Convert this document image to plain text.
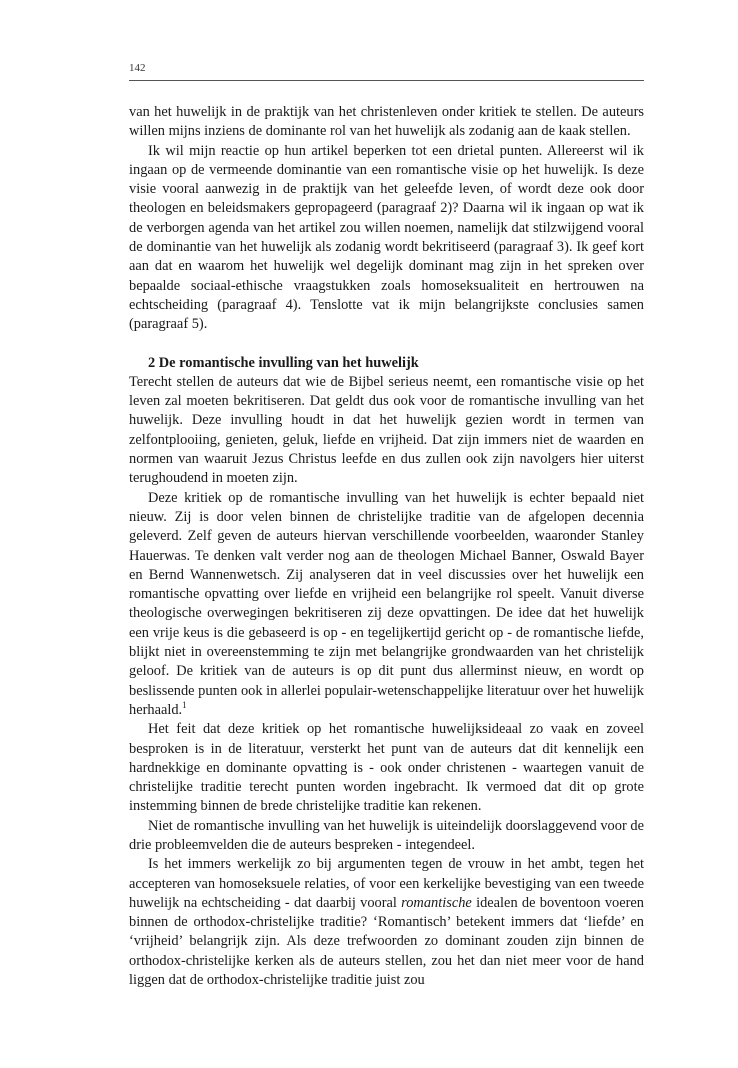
142

van het huwelijk in de praktijk van het christenleven onder kritiek te stellen. De auteurs willen mijns inziens de dominante rol van het huwelijk als zodanig aan de kaak stellen.

Ik wil mijn reactie op hun artikel beperken tot een drietal punten. Allereerst wil ik ingaan op de vermeende dominantie van een romantische visie op het huwelijk. Is deze visie vooral aanwezig in de praktijk van het geleefde leven, of wordt deze ook door theologen en beleidsmakers gepropageerd (paragraaf 2)? Daarna wil ik ingaan op wat ik de verborgen agenda van het artikel zou willen noemen, namelijk dat stilzwijgend vooral de dominantie van het huwelijk als zodanig wordt bekritiseerd (paragraaf 3). Ik geef kort aan dat en waarom het huwelijk wel degelijk dominant mag zijn in het spreken over bepaalde sociaal-ethische vraagstukken zoals homoseksualiteit en hertrouwen na echtscheiding (paragraaf 4). Tenslotte vat ik mijn belangrijkste conclusies samen (paragraaf 5).

2 De romantische invulling van het huwelijk

Terecht stellen de auteurs dat wie de Bijbel serieus neemt, een romantische visie op het leven zal moeten bekritiseren. Dat geldt dus ook voor de romantische invulling van het huwelijk. Deze invulling houdt in dat het huwelijk gezien wordt in termen van zelfontplooiing, genieten, geluk, liefde en vrijheid. Dat zijn immers niet de waarden en normen van waaruit Jezus Christus leefde en dus zullen ook zijn navolgers hier uiterst terughoudend in moeten zijn.

Deze kritiek op de romantische invulling van het huwelijk is echter bepaald niet nieuw. Zij is door velen binnen de christelijke traditie van de afgelopen decennia geleverd. Zelf geven de auteurs hiervan verschillende voorbeelden, waaronder Stanley Hauerwas. Te denken valt verder nog aan de theologen Michael Banner, Oswald Bayer en Bernd Wannenwetsch. Zij analyseren dat in veel discussies over het huwelijk een romantische opvatting over liefde en vrijheid een belangrijke rol speelt. Vanuit diverse theologische overwegingen bekritiseren zij deze opvattingen. De idee dat het huwelijk een vrije keus is die gebaseerd is op - en tegelijkertijd gericht op - de romantische liefde, blijkt niet in overeenstemming te zijn met belangrijke grondwaarden van het christelijk geloof. De kritiek van de auteurs is op dit punt dus allerminst nieuw, en wordt op beslissende punten ook in allerlei populair-wetenschappelijke literatuur over het huwelijk herhaald.$^1$

Het feit dat deze kritiek op het romantische huwelijksideaal zo vaak en zoveel besproken is in de literatuur, versterkt het punt van de auteurs dat dit kennelijk een hardnekkige en dominante opvatting is - ook onder christenen - waartegen vanuit de christelijke traditie terecht punten worden ingebracht. Ik vermoed dat dit op grote instemming binnen de brede christelijke traditie kan rekenen.

Niet de romantische invulling van het huwelijk is uiteindelijk doorslaggevend voor de drie probleemvelden die de auteurs bespreken - integendeel.

Is het immers werkelijk zo bij argumenten tegen de vrouw in het ambt, tegen het accepteren van homoseksuele relaties, of voor een kerkelijke bevestiging van een tweede huwelijk na echtscheiding - dat daarbij vooral romantische idealen de boventoon voeren binnen de orthodox-christelijke traditie? ‘Romantisch’ betekent immers dat ‘liefde’ en ‘vrijheid’ belangrijk zijn. Als deze trefwoorden zo dominant zouden zijn binnen de orthodox-christelijke kerken als de auteurs stellen, zou het dan niet meer voor de hand liggen dat de orthodox-christelijke traditie juist zou
